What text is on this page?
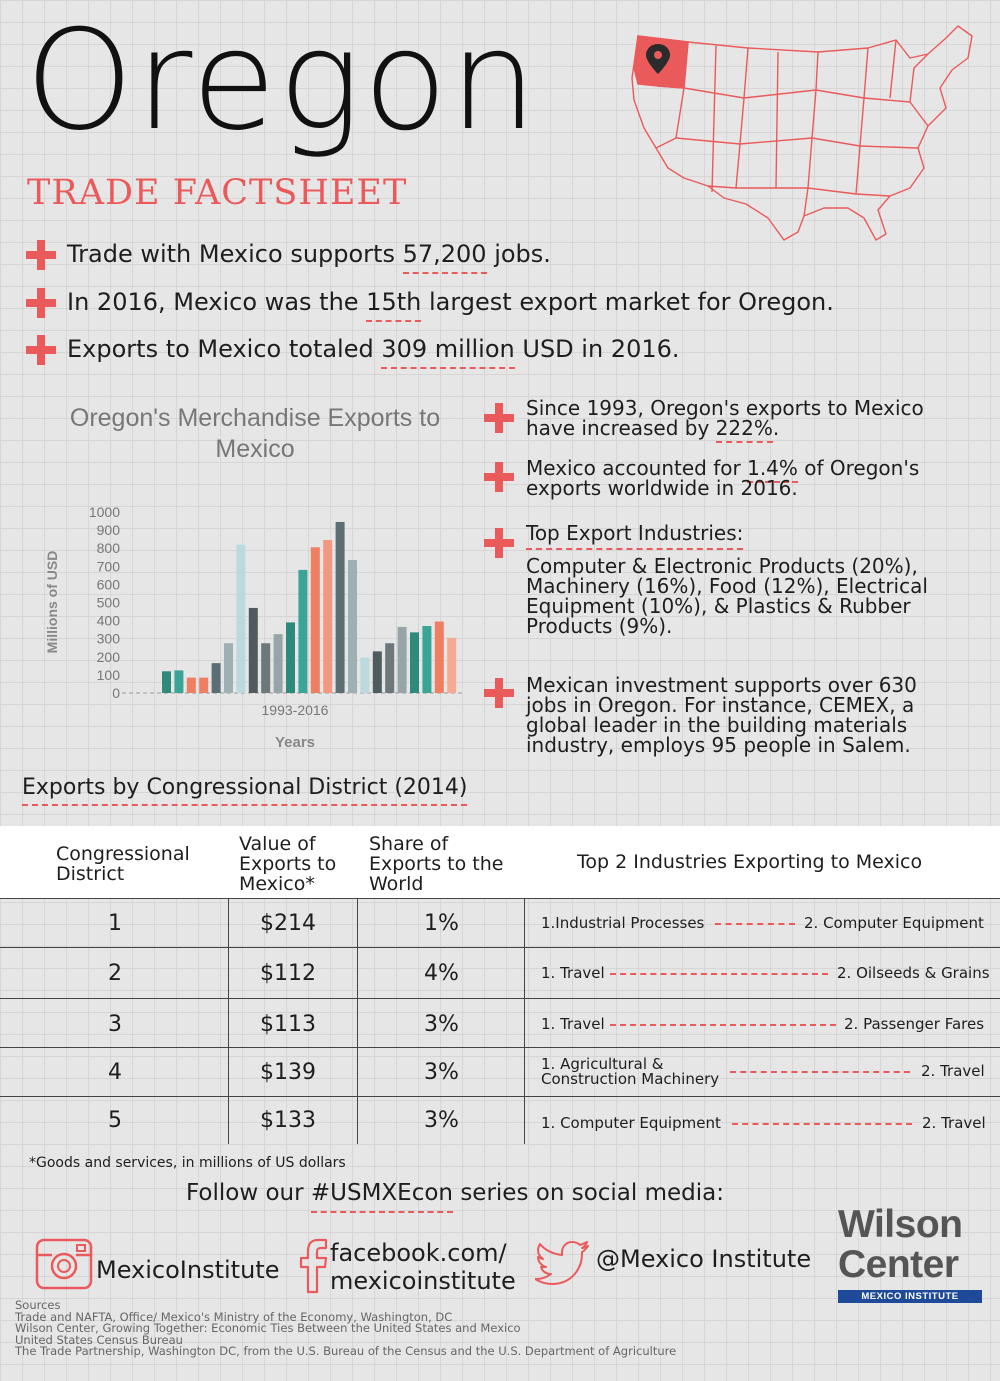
Oregon
TRADE FACTSHEET
Trade with Mexico supports 57,200 jobs.
In 2016, Mexico was the 15th largest export market for Oregon.
Exports to Mexico totaled 309 million USD in 2016.
Oregon's Merchandise Exports to Mexico
1000
900
800
700
600
500
400
300
200
100
0
1993-2016
Years
Millions of USD
Since 1993, Oregon's exports to Mexico
have increased by 222%.
Mexico accounted for 1.4% of Oregon's
exports worldwide in 2016.
Top Export Industries:
Computer & Electronic Products (20%),
Machinery (16%), Food (12%), Electrical
Equipment (10%), & Plastics & Rubber
Products (9%).
Mexican investment supports over 630
jobs in Oregon. For instance, CEMEX, a
global leader in the building materials
industry, employs 95 people in Salem.
Exports by Congressional District (2014)
Congressional
District
Value of
Exports to
Mexico*
Share of
Exports to the
World
Top 2 Industries Exporting to Mexico
1	$214	1%	1.Industrial Processes	2. Computer Equipment
2	$112	4%	1. Travel	2. Oilseeds & Grains
3	$113	3%	1. Travel	2. Passenger Fares
4	$139	3%	1. Agricultural &
Construction Machinery	2. Travel
5	$133	3%	1. Computer Equipment	2. Travel
*Goods and services, in millions of US dollars
Follow our #USMXEcon series on social media:
MexicoInstitute
facebook.com/
mexicoinstitute
@Mexico Institute
Wilson
Center
MEXICO INSTITUTE
Sources
Trade and NAFTA, Office/ Mexico's Ministry of the Economy, Washington, DC
Wilson Center, Growing Together: Economic Ties Between the United States and Mexico
United States Census Bureau
The Trade Partnership, Washington DC, from the U.S. Bureau of the Census and the U.S. Department of Agriculture
